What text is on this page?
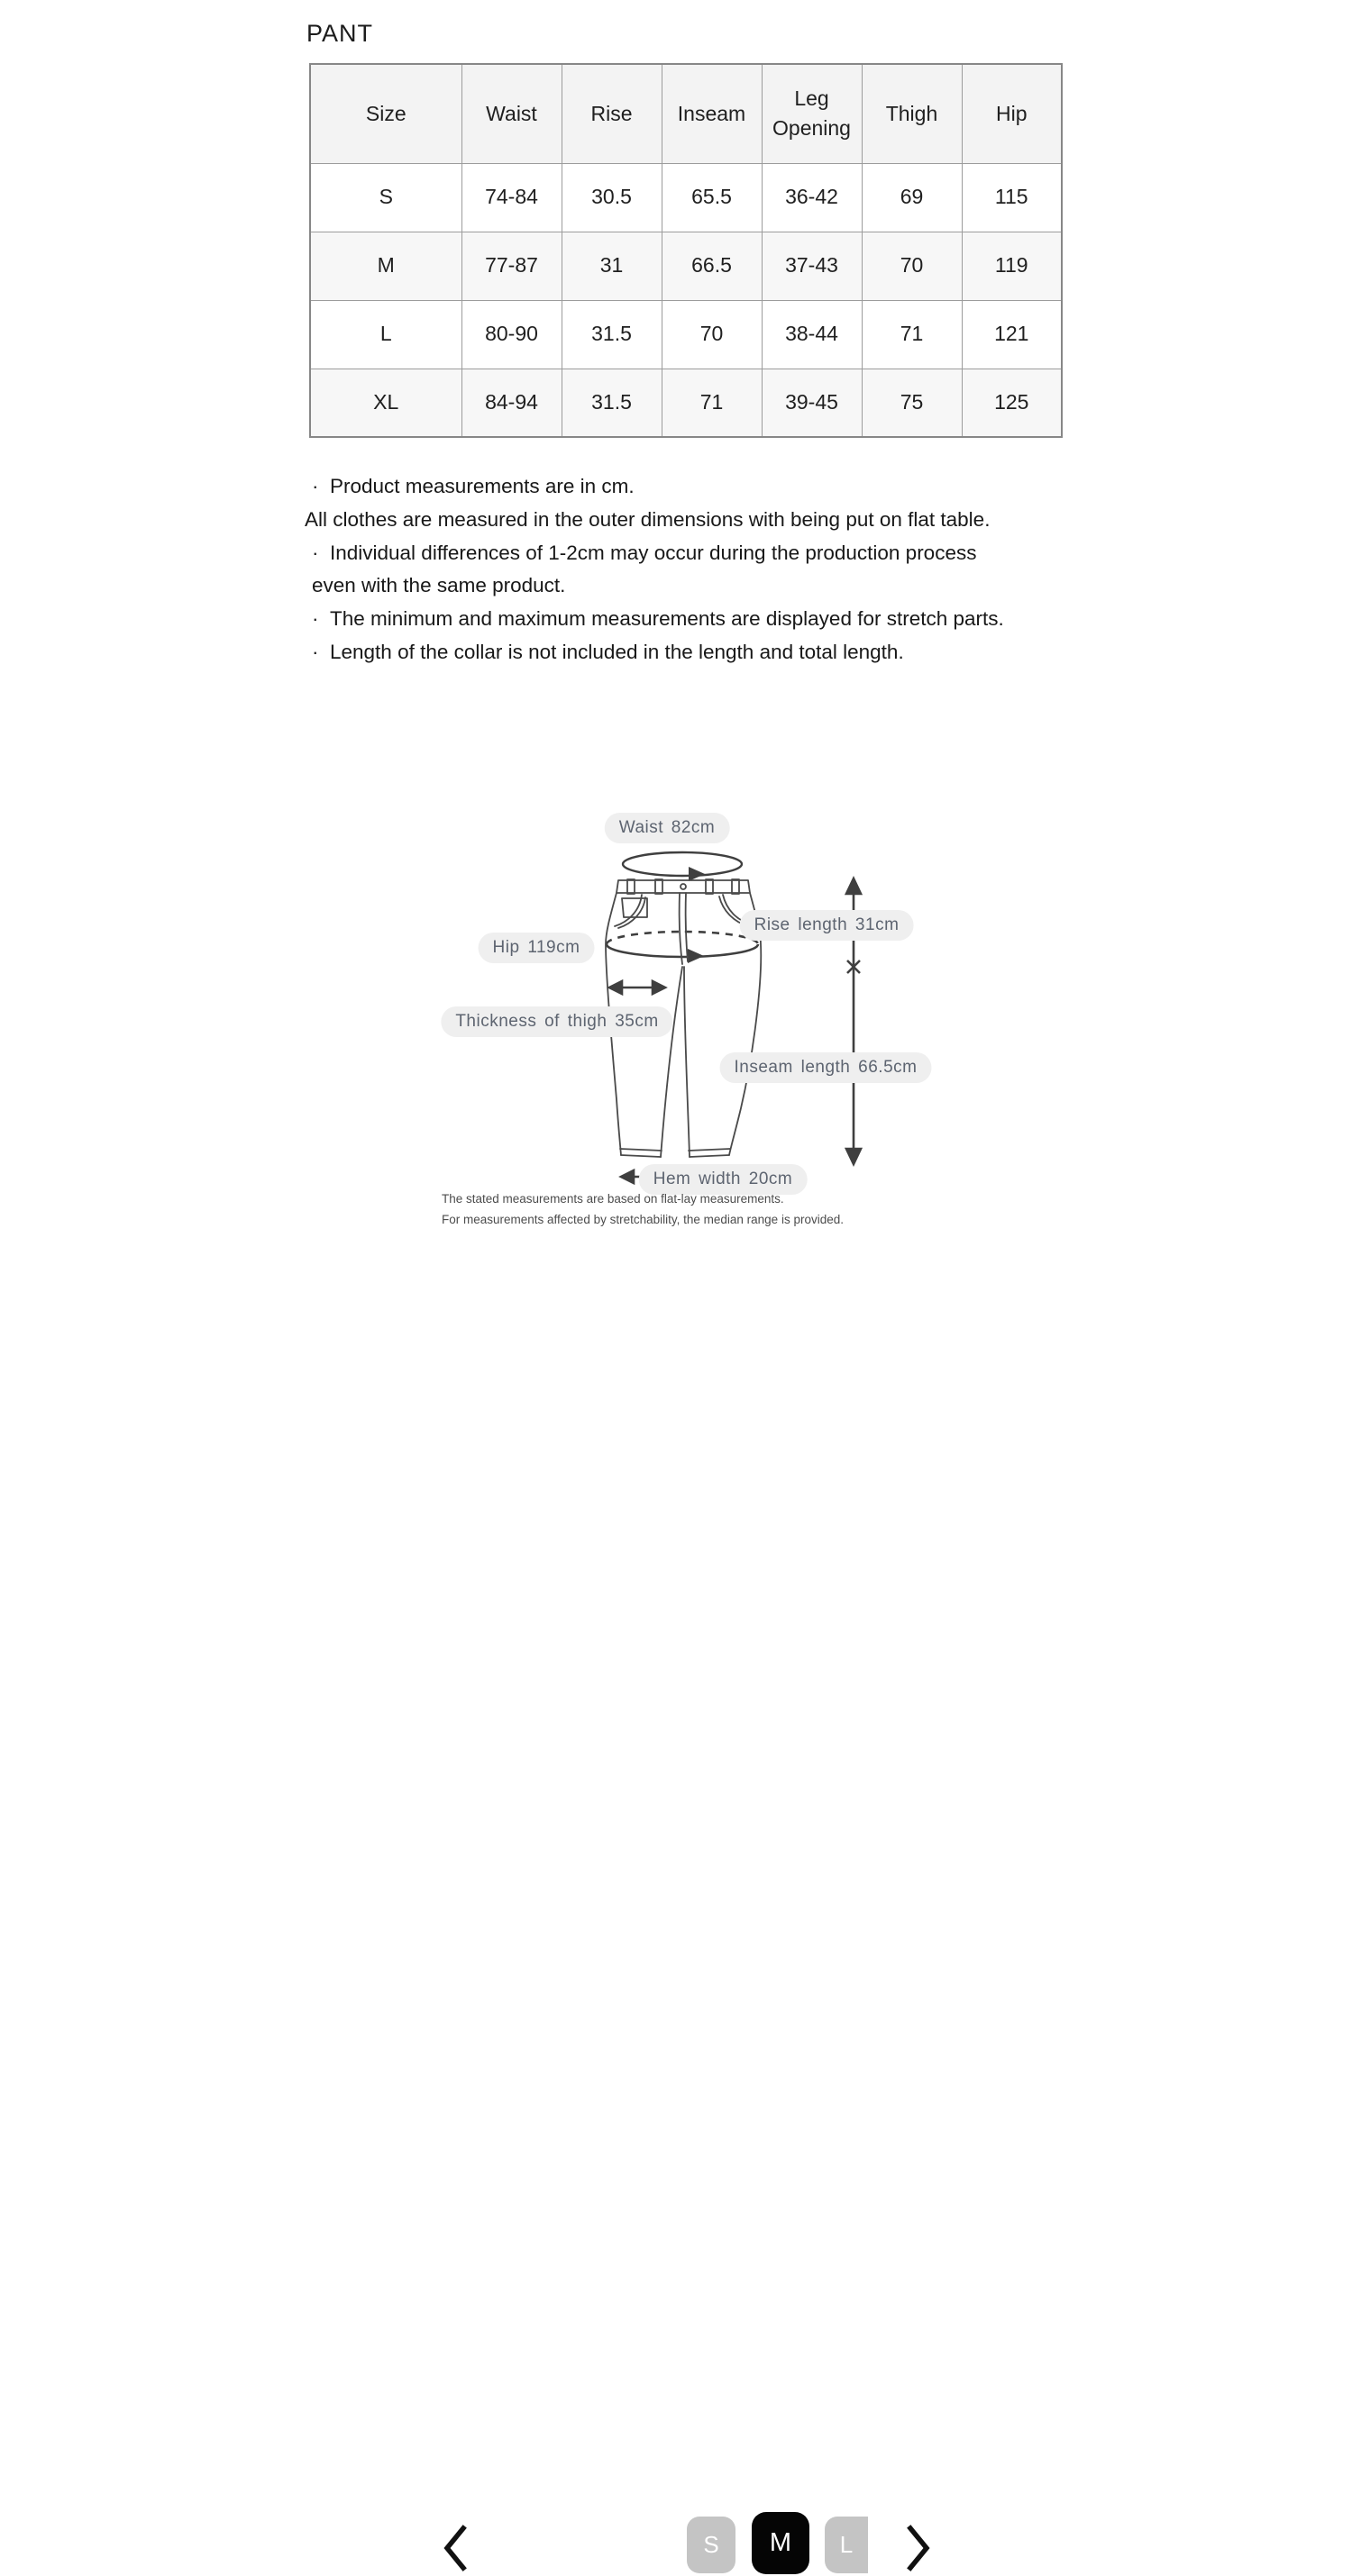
PANT
Size	Waist	Rise	Inseam	Leg Opening	Thigh	Hip
S	74-84	30.5	65.5	36-42	69	115
M	77-87	31	66.5	37-43	70	119
L	80-90	31.5	70	38-44	71	121
XL	84-94	31.5	71	39-45	75	125

·  Product measurements are in cm.

All clothes are measured in the outer dimensions with being put on flat table.

·  Individual differences of 1-2cm may occur during the production process even with the same product.

·  The minimum and maximum measurements are displayed for stretch parts.

·  Length of the collar is not included in the length and total length.

Waist 82cm
Rise length 31cm
Hip 119cm
Thickness of thigh 35cm
Inseam length 66.5cm
Hem width 20cm

The stated measurements are based on flat-lay measurements.

For measurements affected by stretchability, the median range is provided.

S M L
